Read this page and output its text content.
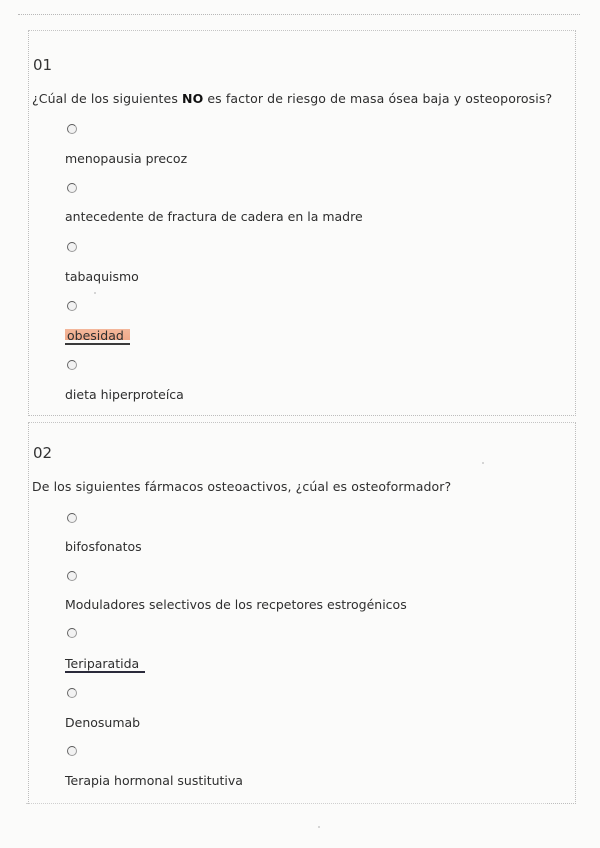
01
¿Cúal de los siguientes NO es factor de riesgo de masa ósea baja y osteoporosis?
menopausia precoz
antecedente de fractura de cadera en la madre
tabaquismo
obesidad
dieta hiperproteíca
02
De los siguientes fármacos osteoactivos, ¿cúal es osteoformador?
bifosfonatos
Moduladores selectivos de los recpetores estrogénicos
Teriparatida
Denosumab
Terapia hormonal sustitutiva
